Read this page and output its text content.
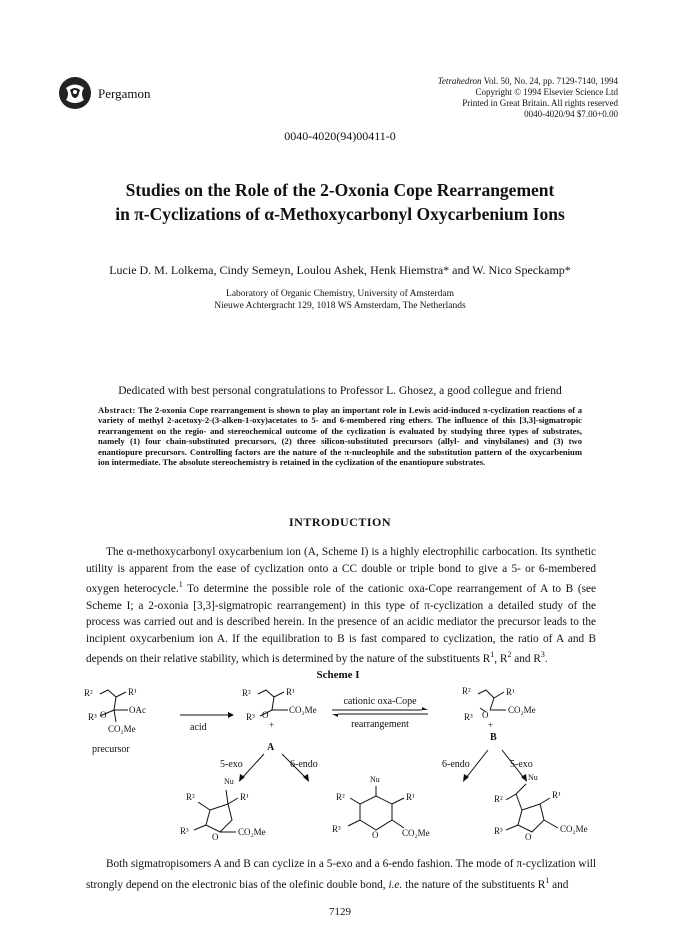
Pergamon
Tetrahedron Vol. 50, No. 24, pp. 7129-7140, 1994
Copyright © 1994 Elsevier Science Ltd
Printed in Great Britain. All rights reserved
0040-4020/94 $7.00+0.00
0040-4020(94)00411-0
Studies on the Role of the 2-Oxonia Cope Rearrangement
in π-Cyclizations of α-Methoxycarbonyl Oxycarbenium Ions
Lucie D. M. Lolkema, Cindy Semeyn, Loulou Ashek, Henk Hiemstra* and W. Nico Speckamp*
Laboratory of Organic Chemistry, University of Amsterdam
Nieuwe Achtergracht 129, 1018 WS Amsterdam, The Netherlands
Dedicated with best personal congratulations to Professor L. Ghosez, a good collegue and friend
Abstract: The 2-oxonia Cope rearrangement is shown to play an important role in Lewis acid-induced π-cyclization reactions of a variety of methyl 2-acetoxy-2-(3-alken-1-oxy)acetates to 5- and 6-membered ring ethers. The influence of this [3,3]-sigmatropic rearrangement on the regio- and stereochemical outcome of the cyclization is evaluated by studying three types of substrates, namely (1) four chain-substituted precursors, (2) three silicon-substituted precursors (allyl- and vinylsilanes) and (3) two enantiopure precursors. Controlling factors are the nature of the π-nucleophile and the substitution pattern of the oxycarbenium ion intermediate. The absolute stereochemistry is retained in the cyclization of the enantiopure substrates.
INTRODUCTION
The α-methoxycarbonyl oxycarbenium ion (A, Scheme I) is a highly electrophilic carbocation. Its synthetic utility is apparent from the ease of cyclization onto a CC double or triple bond to give a 5- or 6-membered oxygen heterocycle.$^1$ To determine the possible role of the cationic oxa-Cope rearrangement of A to B (see Scheme I; a 2-oxonia [3,3]-sigmatropic rearrangement) in this type of π-cyclization a detailed study of the process was carried out and is described herein. In the presence of an acidic mediator the precursor leads to the incipient oxycarbenium ion A. If the equilibration to B is fast compared to cyclization, the ratio of A and B depends on their relative stability, which is determined by the nature of the substituents $R^1$, $R^2$ and $R^3$.
Scheme I
R²	R¹
R³ O	OAc
CO₂Me
precursor
acid
R²	R¹
R³ O CO₂Me
+
A
cationic oxa-Cope
rearrangement
R²	R¹
R³ O CO₂Me
+
B
5-exo	6-endo	6-endo	5-exo
Nu
R²	R¹
R³
O CO₂Me
Nu
R²	R¹
R³
O	CO₂Me
Nu
R²	R¹
R³
O
CO₂Me
Both sigmatropisomers A and B can cyclize in a 5-exo and a 6-endo fashion. The mode of π-cyclization will strongly depend on the electronic bias of the olefinic double bond, i.e. the nature of the substituents $R^1$ and
7129
